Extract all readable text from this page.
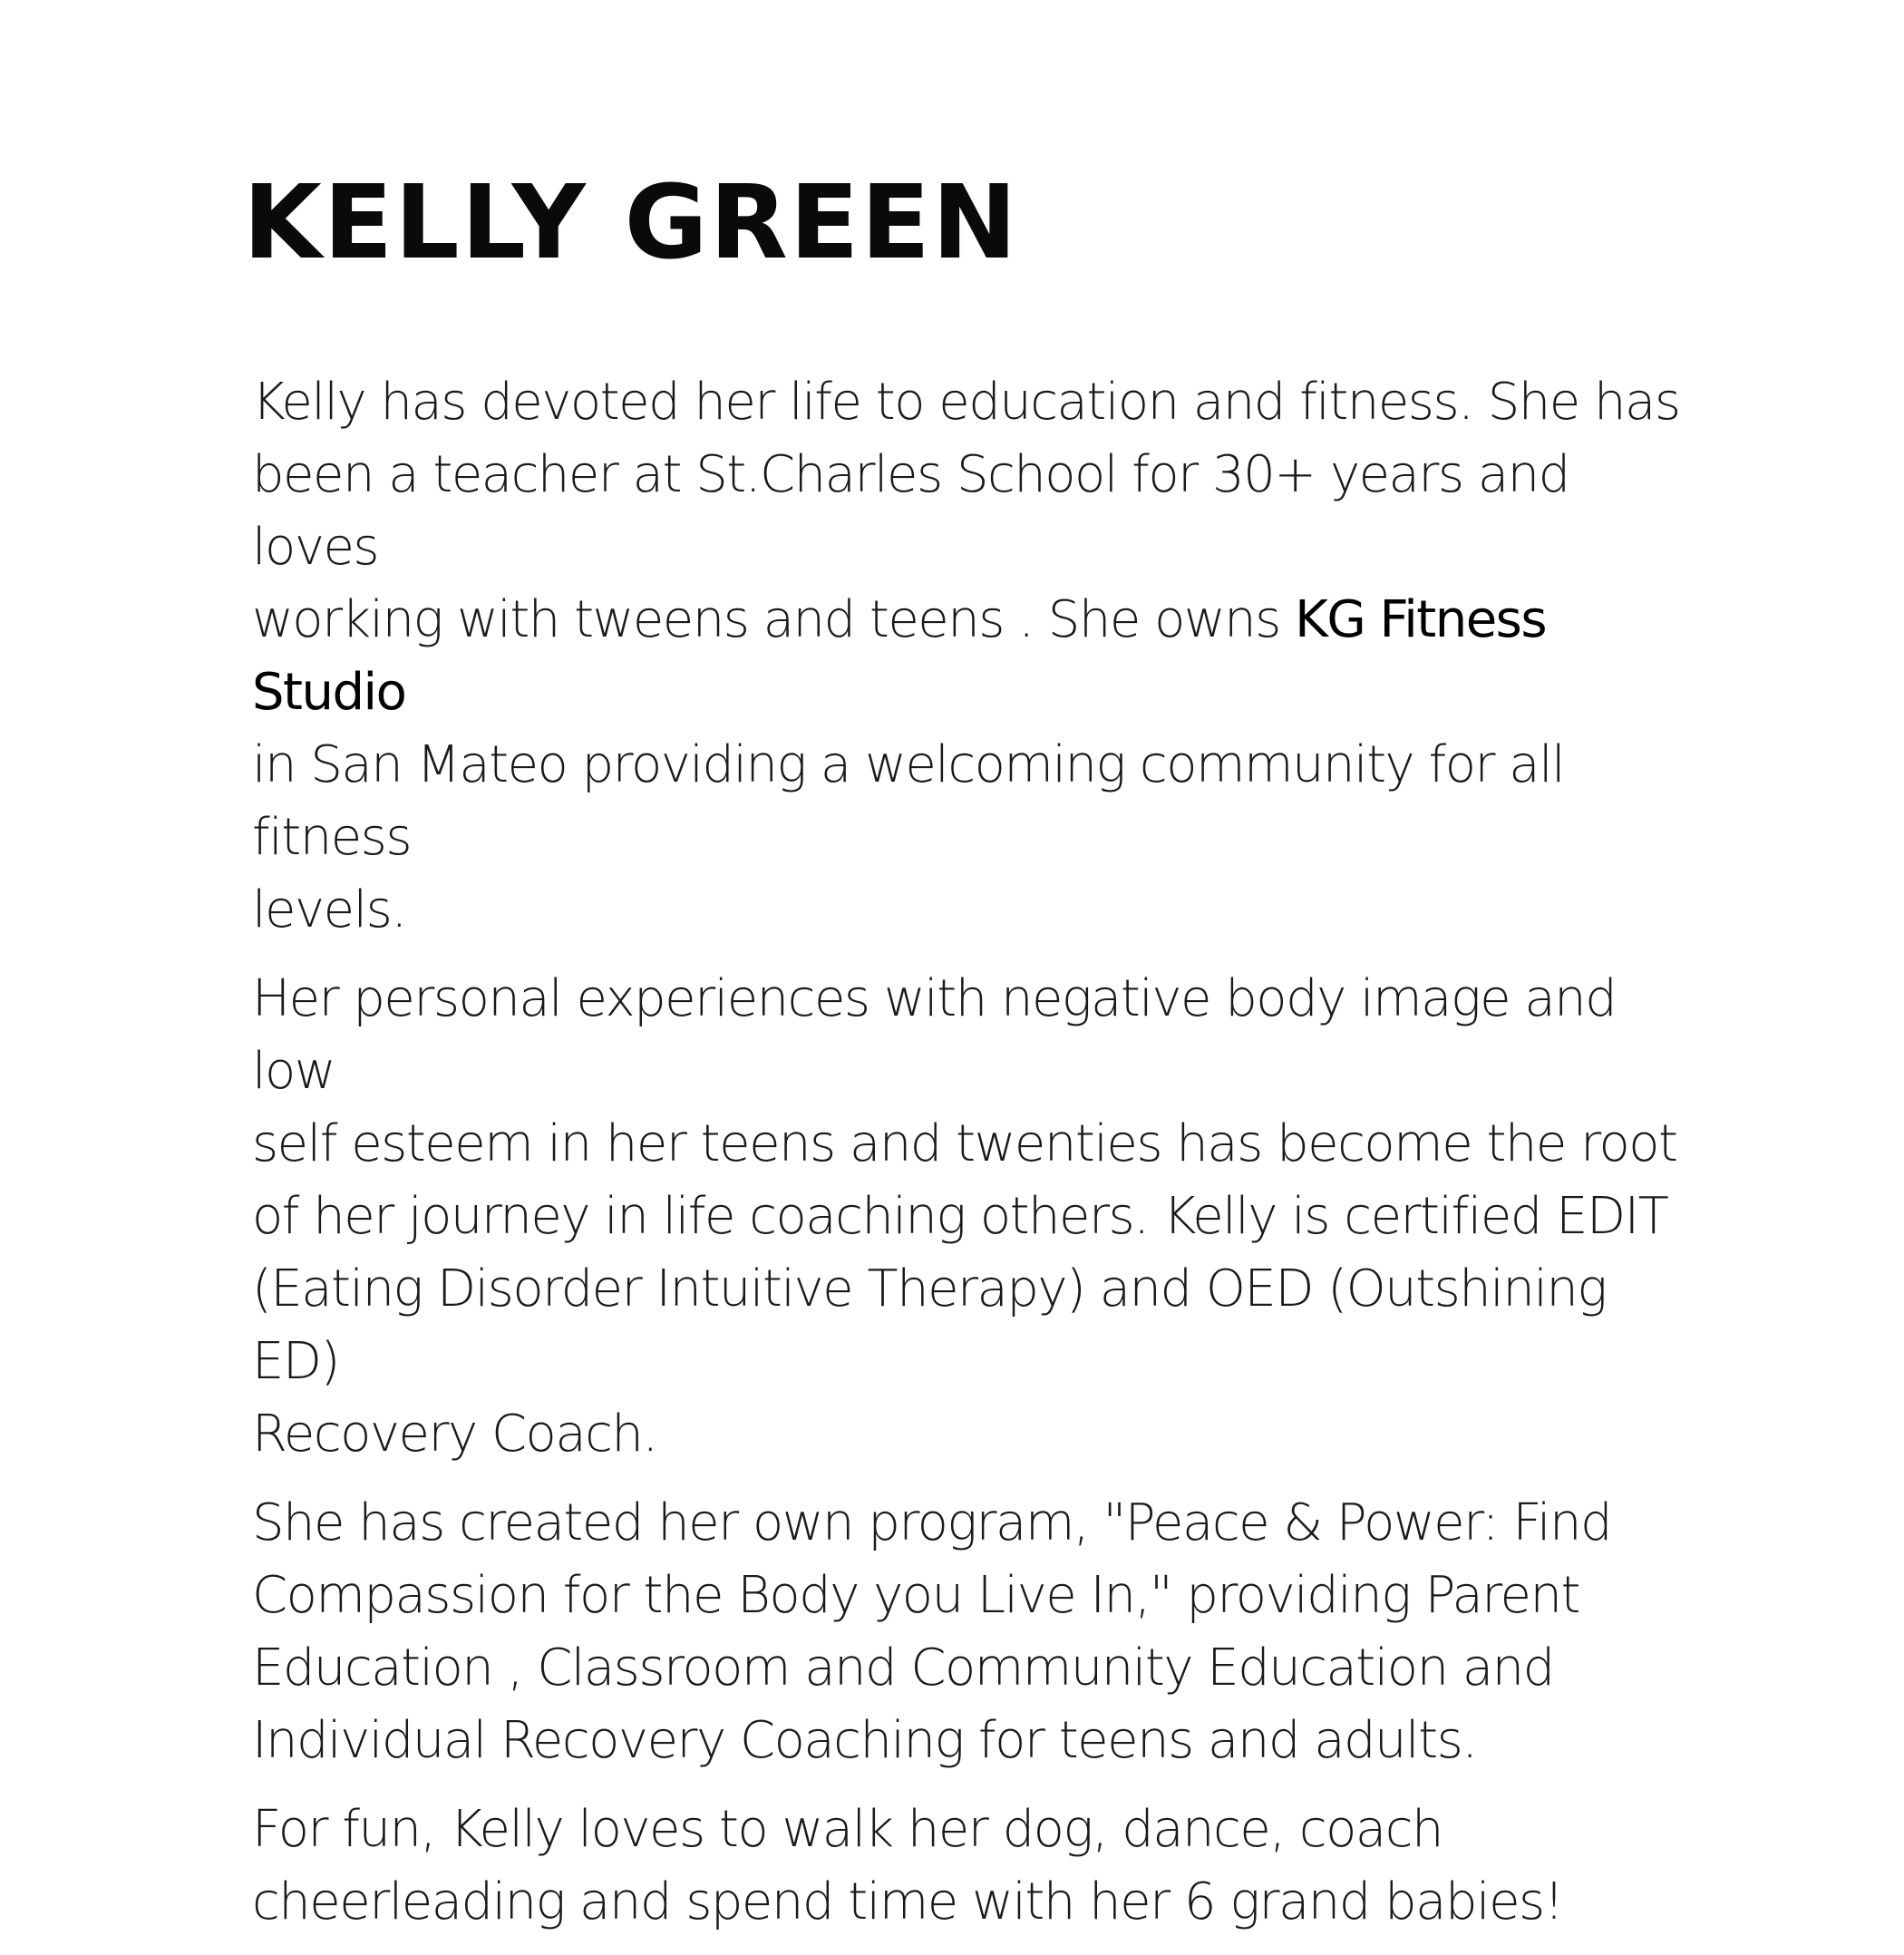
KELLY GREEN

Kelly has devoted her life to education and fitness. She has
been a teacher at St.Charles School for 30+ years and loves
working with tweens and teens . She owns KG Fitness Studio
in San Mateo providing a welcoming community for all fitness
levels.

Her personal experiences with negative body image and low
self esteem in her teens and twenties has become the root
of her journey in life coaching others. Kelly is certified EDIT
(Eating Disorder Intuitive Therapy) and OED (Outshining ED)
Recovery Coach.

She has created her own program, "Peace & Power: Find
Compassion for the Body you Live In," providing Parent
Education , Classroom and Community Education and
Individual Recovery Coaching for teens and adults.

For fun, Kelly loves to walk her dog, dance, coach
cheerleading and spend time with her 6 grand babies!
